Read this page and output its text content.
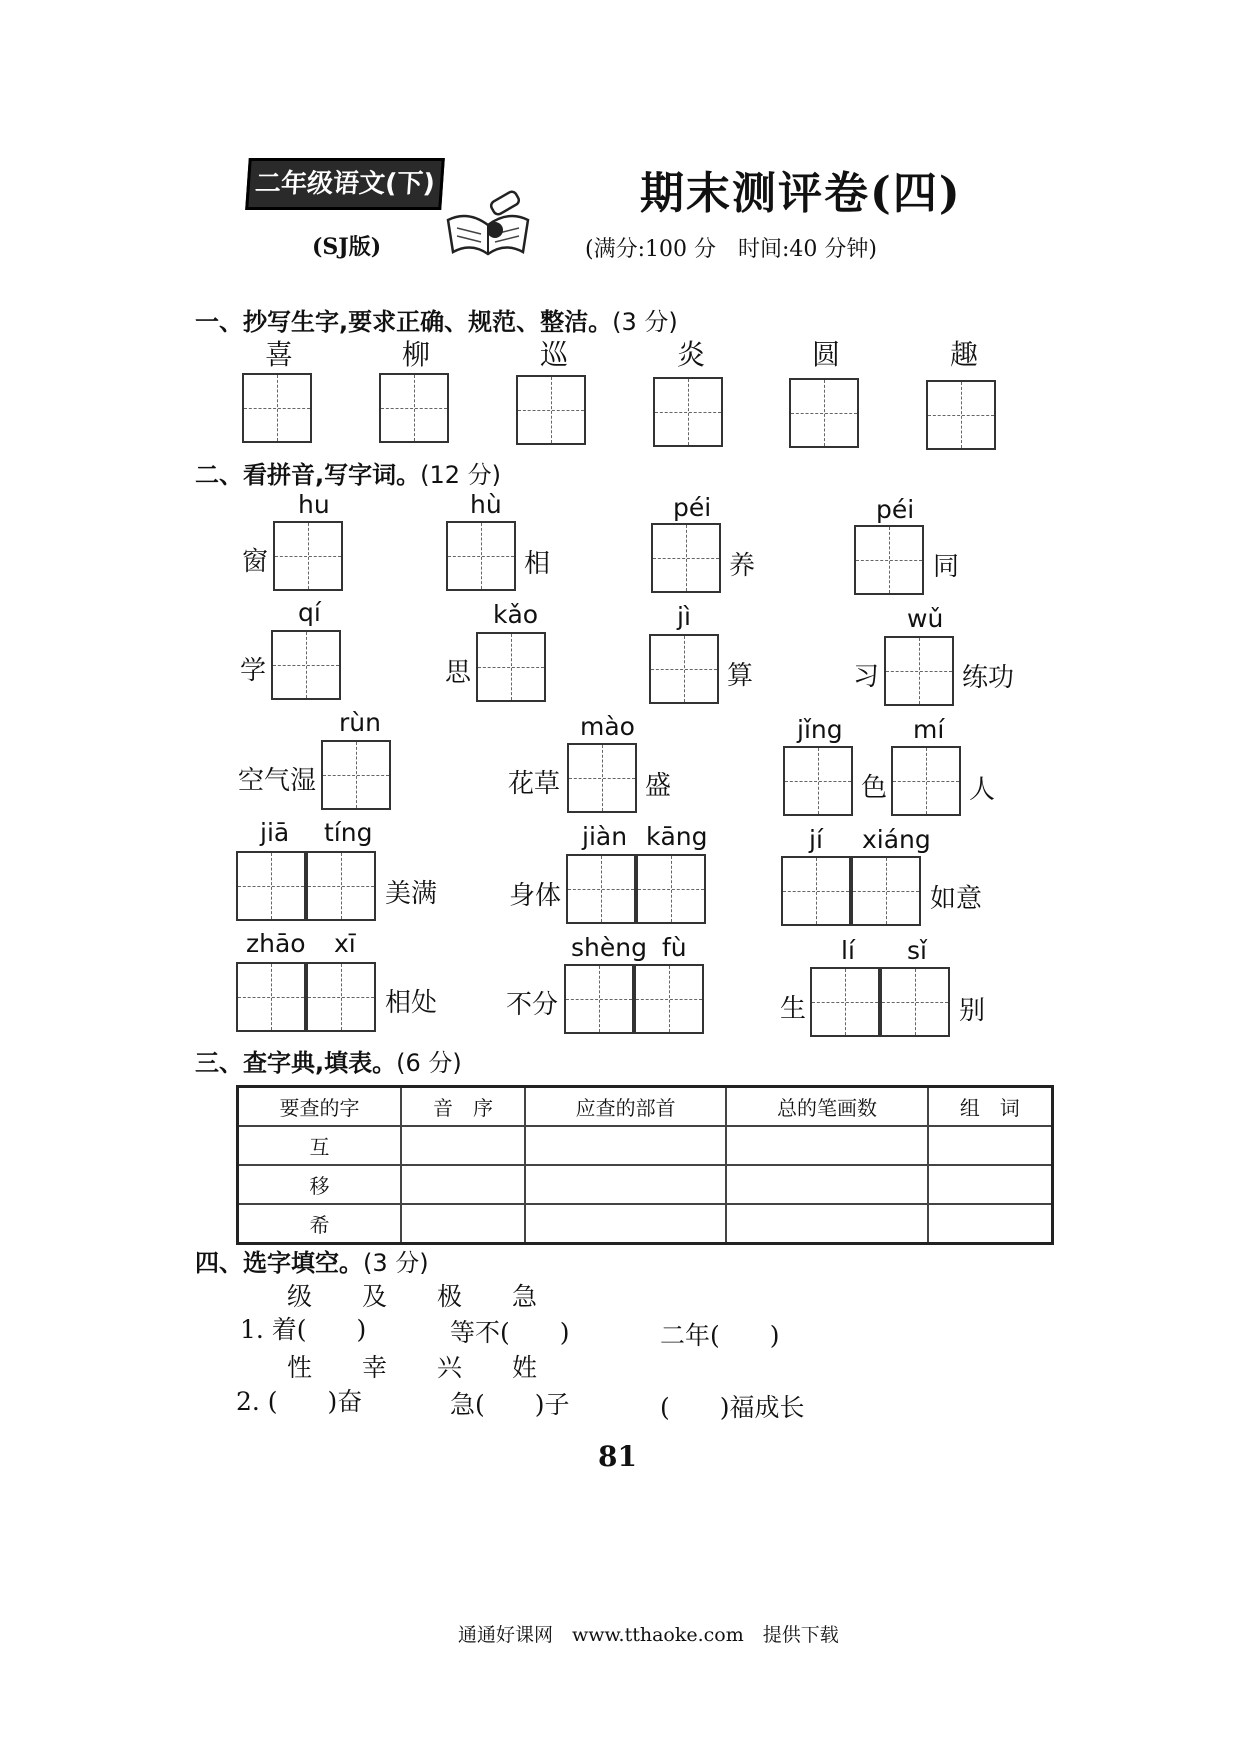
二年级语文(下)
(SJ版)
期末测评卷(四)
(满分:100 分　时间:40 分钟)
一、抄写生字,要求正确、规范、整洁。(3 分)
喜	柳	巡	炎	圆	趣
二、看拼音,写字词。(12 分)
hu
窗
hù
相
péi
养
péi
同
qí
学
kǎo
思
jì
算
wǔ
习	练功
rùn
空气湿
mào
花草	盛
jǐng
色
mí
人
jiā tíng
美满
jiàn kāng
身体
jí xiáng
如意
zhāo xī
相处
shèng fù
不分
lí sǐ
生	别
三、查字典,填表。(6 分)
要查的字	音　序	应查的部首	总的笔画数	组　词
互				
移				
希				
四、选字填空。(3 分)
级　　及　　极　　急
1. 着(　　)	等不(　　)	二年(　　)
性　　幸　　兴　　姓
2. (　　)奋	急(　　)子	(　　)福成长
81
通通好课网　www.tthaoke.com　提供下载
